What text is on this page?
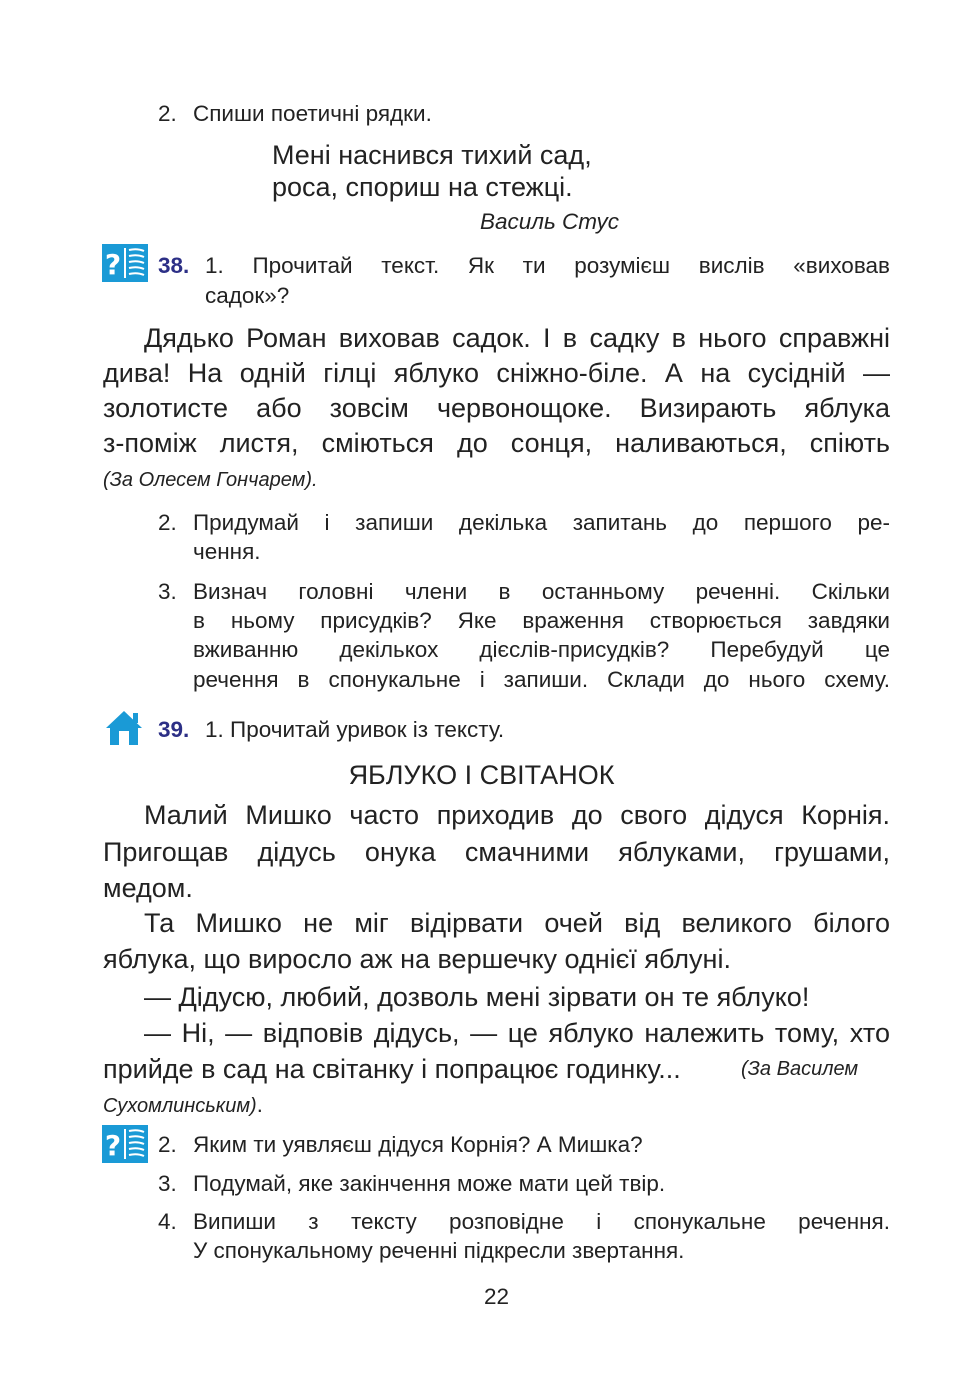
2. Спиши поетичні рядки.
Мені наснився тихий сад,
роса, спориш на стежці.
Василь Стус
? 38. 1. Прочитай текст. Як ти розумієш вислів «виховав
садок»?
Дядько Роман виховав садок. І в садку в нього справжні
дива! На одній гілці яблуко сніжно-біле. А на сусідній —
золотисте або зовсім червонощоке. Визирають яблука
з-поміж листя, сміються до сонця, наливаються, спіють
(За Олесем Гончарем).
2. Придумай і запиши декілька запитань до першого ре-
чення.
3. Визнач головні члени в останньому реченні. Скільки
в ньому присудків? Яке враження створюється завдяки
вживанню декількох дієслів-присудків? Перебудуй це
речення в спонукальне і запиши. Склади до нього схему.
39. 1. Прочитай уривок із тексту.
ЯБЛУКО І СВІТАНОК
Малий Мишко часто приходив до свого дідуся Корнія.
Пригощав дідусь онука смачними яблуками, грушами,
медом.
Та Мишко не міг відірвати очей від великого білого
яблука, що виросло аж на вершечку однієї яблуні.
— Дідусю, любий, дозволь мені зірвати он те яблуко!
— Ні, — відповів дідусь, — це яблуко належить тому, хто
прийде в сад на світанку і попрацює годинку...	(За Василем
Сухомлинським).
? 2. Яким ти уявляєш дідуся Корнія? А Мишка?
3. Подумай, яке закінчення може мати цей твір.
4. Випиши з тексту розповідне і спонукальне речення.
У спонукальному реченні підкресли звертання.
22
